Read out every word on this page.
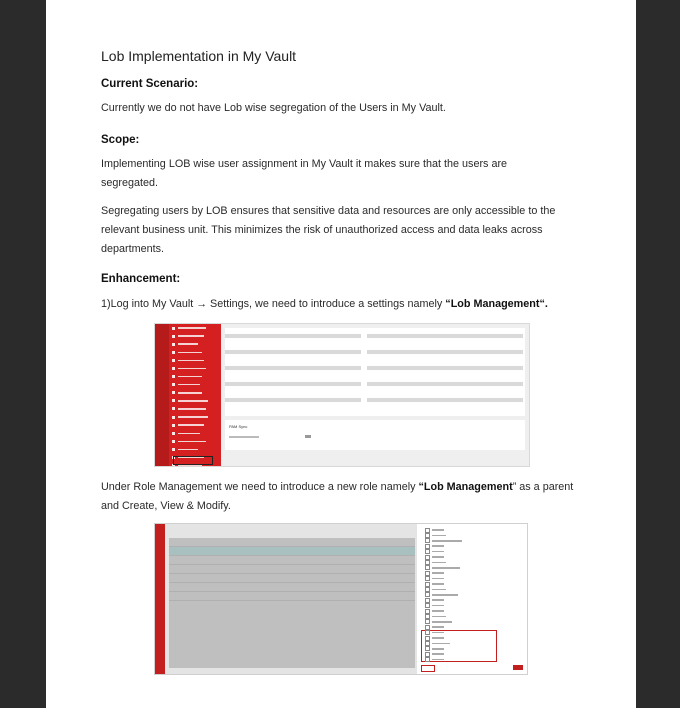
Lob Implementation in My Vault
Current Scenario:
Currently we do not have Lob wise segregation of the Users in My Vault.
Scope:
Implementing LOB wise user assignment in My Vault it makes sure that the users are segregated.
Segregating users by LOB ensures that sensitive data and resources are only accessible to the relevant business unit. This minimizes the risk of unauthorized access and data leaks across departments.
Enhancement:
1)Log into My Vault → Settings, we need to introduce a settings namely “Lob Management“.
PAM Sync
Under Role Management we need to introduce a new role namely “Lob Management” as a parent and Create, View & Modify.
